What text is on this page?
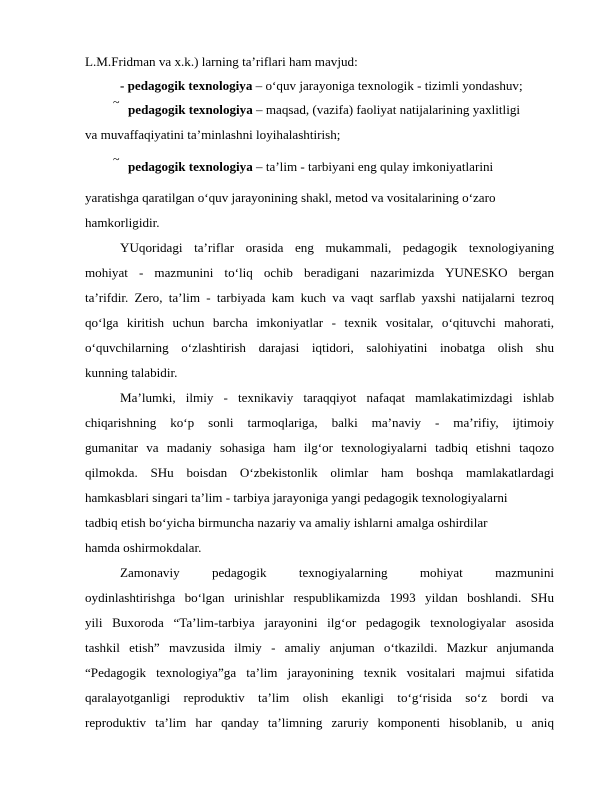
L.M.Fridman va x.k.) larning ta’riflari ham mavjud:
- pedagogik texnologiya – o‘quv jarayoniga texnologik - tizimli yondashuv;
~ pedagogik texnologiya – maqsad, (vazifa) faoliyat natijalarining yaxlitligi
va muvaffaqiyatini ta’minlashni loyihalashtirish;
~ pedagogik texnologiya – ta’lim - tarbiyani eng qulay imkoniyatlarini
yaratishga qaratilgan o‘quv jarayonining shakl, metod va vositalarining o‘zaro
hamkorligidir.
YUqoridagi ta’riflar orasida eng mukammali, pedagogik texnologiyaning
mohiyat - mazmunini to‘liq ochib beradigani nazarimizda YUNESKO bergan
ta’rifdir. Zero, ta’lim - tarbiyada kam kuch va vaqt sarflab yaxshi natijalarni tezroq
qo‘lga kiritish uchun barcha imkoniyatlar - texnik vositalar, o‘qituvchi mahorati,
o‘quvchilarning o‘zlashtirish darajasi iqtidori, salohiyatini inobatga olish shu
kunning talabidir.
Ma’lumki, ilmiy - texnikaviy taraqqiyot nafaqat mamlakatimizdagi ishlab
chiqarishning ko‘p sonli tarmoqlariga, balki ma’naviy - ma’rifiy, ijtimoiy
gumanitar va madaniy sohasiga ham ilg‘or texnologiyalarni tadbiq etishni taqozo
qilmokda. SHu boisdan O‘zbekistonlik olimlar ham boshqa mamlakatlardagi
hamkasblari singari ta’lim - tarbiya jarayoniga yangi pedagogik texnologiyalarni
tadbiq etish bo‘yicha birmuncha nazariy va amaliy ishlarni amalga oshirdilar
hamda oshirmokdalar.
Zamonaviy pedagogik texnogiyalarning mohiyat mazmunini
oydinlashtirishga bo‘lgan urinishlar respublikamizda 1993 yildan boshlandi. SHu
yili Buxoroda “Ta’lim-tarbiya jarayonini ilg‘or pedagogik texnologiyalar asosida
tashkil etish” mavzusida ilmiy - amaliy anjuman o‘tkazildi. Mazkur anjumanda
“Pedagogik texnologiya”ga ta’lim jarayonining texnik vositalari majmui sifatida
qaralayotganligi reproduktiv ta’lim olish ekanligi to‘g‘risida so‘z bordi va
reproduktiv ta’lim har qanday ta’limning zaruriy komponenti hisoblanib, u aniq
